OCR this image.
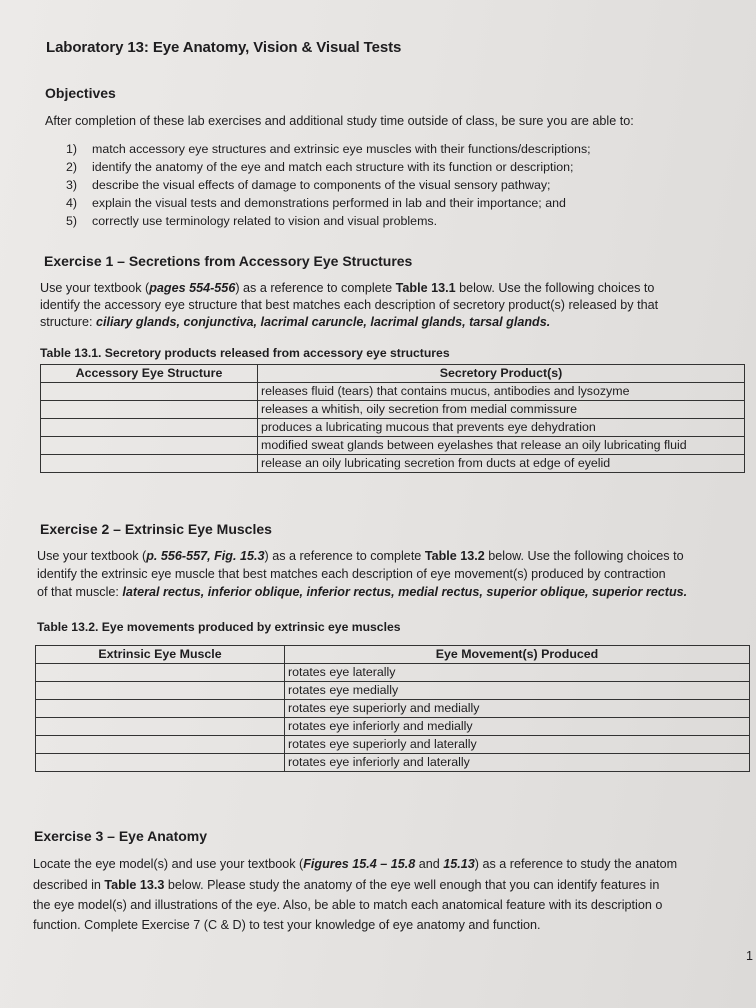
Laboratory 13: Eye Anatomy, Vision & Visual Tests
Objectives
After completion of these lab exercises and additional study time outside of class, be sure you are able to:
1) match accessory eye structures and extrinsic eye muscles with their functions/descriptions;
2) identify the anatomy of the eye and match each structure with its function or description;
3) describe the visual effects of damage to components of the visual sensory pathway;
4) explain the visual tests and demonstrations performed in lab and their importance; and
5) correctly use terminology related to vision and visual problems.
Exercise 1 – Secretions from Accessory Eye Structures
Use your textbook (pages 554-556) as a reference to complete Table 13.1 below. Use the following choices to
identify the accessory eye structure that best matches each description of secretory product(s) released by that
structure: ciliary glands, conjunctiva, lacrimal caruncle, lacrimal glands, tarsal glands.
Table 13.1. Secretory products released from accessory eye structures
Accessory Eye Structure	Secretory Product(s)
	releases fluid (tears) that contains mucus, antibodies and lysozyme
	releases a whitish, oily secretion from medial commissure
	produces a lubricating mucous that prevents eye dehydration
	modified sweat glands between eyelashes that release an oily lubricating fluid
	release an oily lubricating secretion from ducts at edge of eyelid
Exercise 2 – Extrinsic Eye Muscles
Use your textbook (p. 556-557, Fig. 15.3) as a reference to complete Table 13.2 below. Use the following choices to
identify the extrinsic eye muscle that best matches each description of eye movement(s) produced by contraction
of that muscle: lateral rectus, inferior oblique, inferior rectus, medial rectus, superior oblique, superior rectus.
Table 13.2. Eye movements produced by extrinsic eye muscles
Extrinsic Eye Muscle	Eye Movement(s) Produced
	rotates eye laterally
	rotates eye medially
	rotates eye superiorly and medially
	rotates eye inferiorly and medially
	rotates eye superiorly and laterally
	rotates eye inferiorly and laterally
Exercise 3 – Eye Anatomy
Locate the eye model(s) and use your textbook (Figures 15.4 – 15.8 and 15.13) as a reference to study the anatom
described in Table 13.3 below. Please study the anatomy of the eye well enough that you can identify features in
the eye model(s) and illustrations of the eye. Also, be able to match each anatomical feature with its description o
function. Complete Exercise 7 (C & D) to test your knowledge of eye anatomy and function.
1
